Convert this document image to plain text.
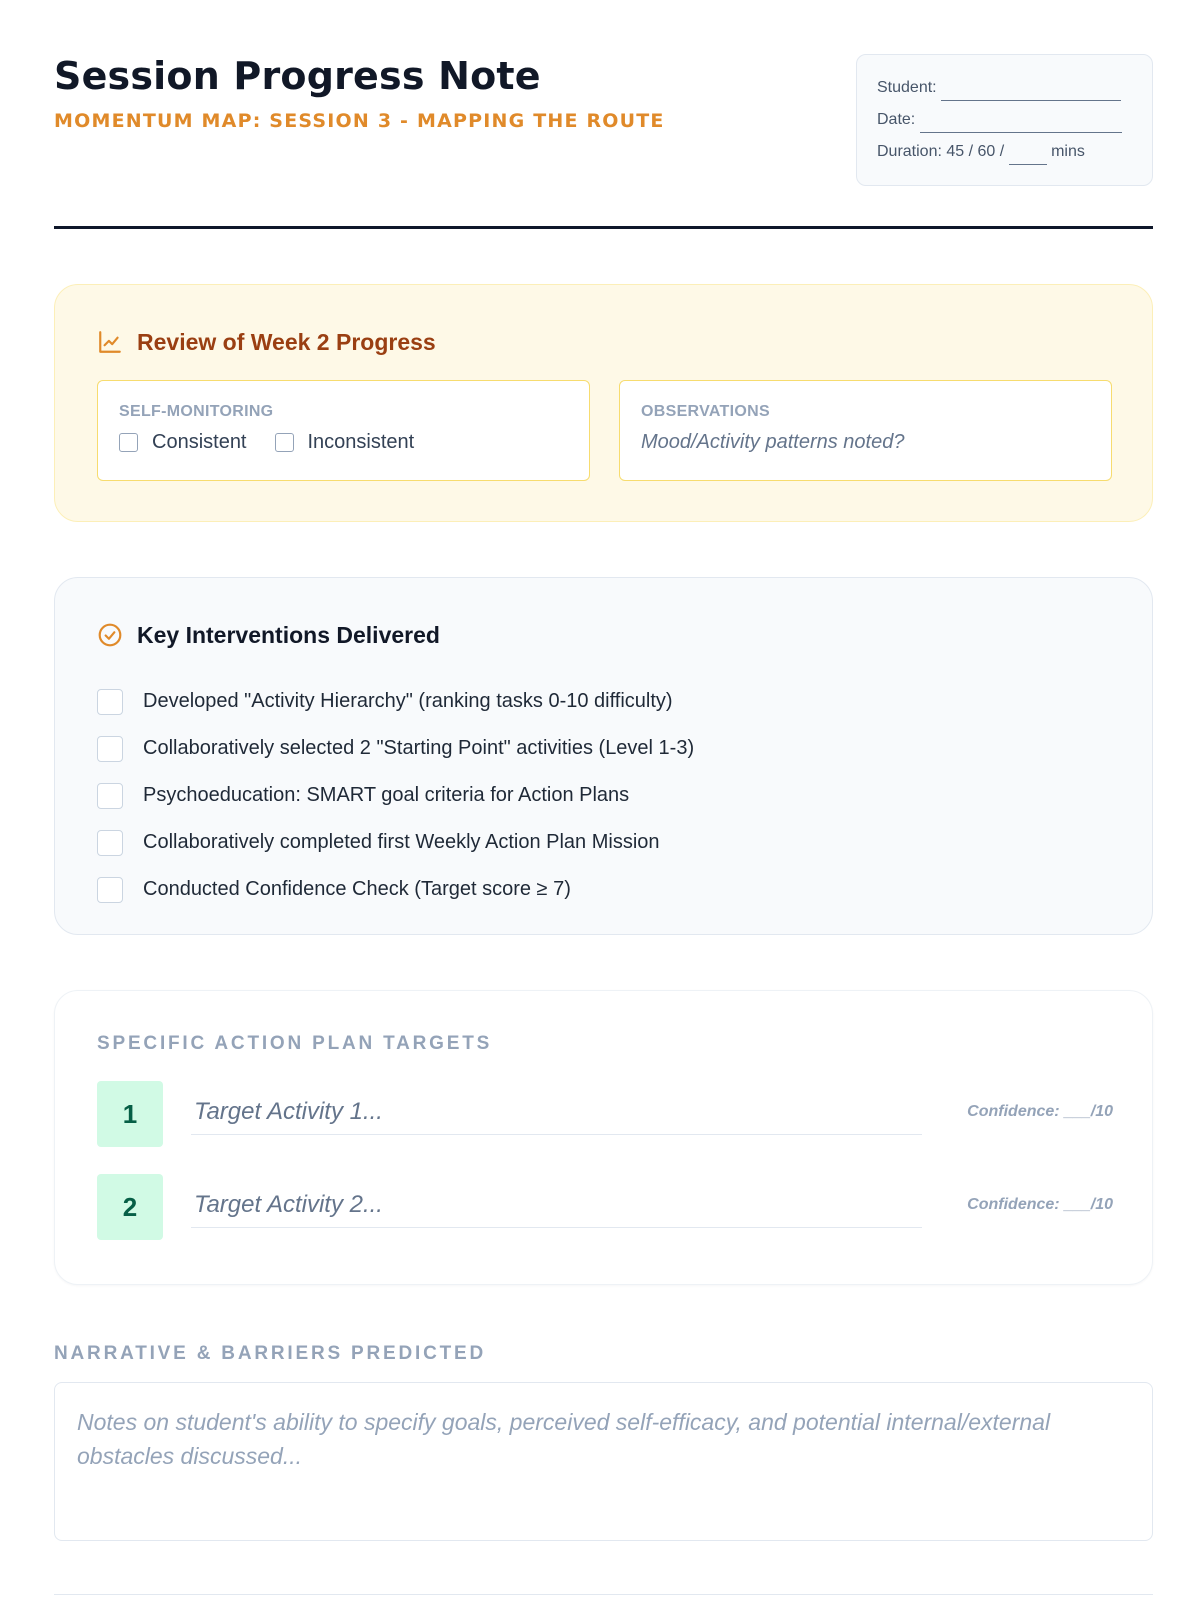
Session Progress Note
MOMENTUM MAP: SESSION 3 - MAPPING THE ROUTE
Student:
Date:
Duration: 45 / 60 /	mins
Review of Week 2 Progress
SELF-MONITORING
Consistent	Inconsistent
OBSERVATIONS
Mood/Activity patterns noted?
Key Interventions Delivered
Developed "Activity Hierarchy" (ranking tasks 0-10 difficulty)
Collaboratively selected 2 "Starting Point" activities (Level 1-3)
Psychoeducation: SMART goal criteria for Action Plans
Collaboratively completed first Weekly Action Plan Mission
Conducted Confidence Check (Target score ≥ 7)
SPECIFIC ACTION PLAN TARGETS
1	Target Activity 1...	Confidence: ___/10
2	Target Activity 2...	Confidence: ___/10
NARRATIVE & BARRIERS PREDICTED
Notes on student's ability to specify goals, perceived self-efficacy, and potential internal/external obstacles discussed...
